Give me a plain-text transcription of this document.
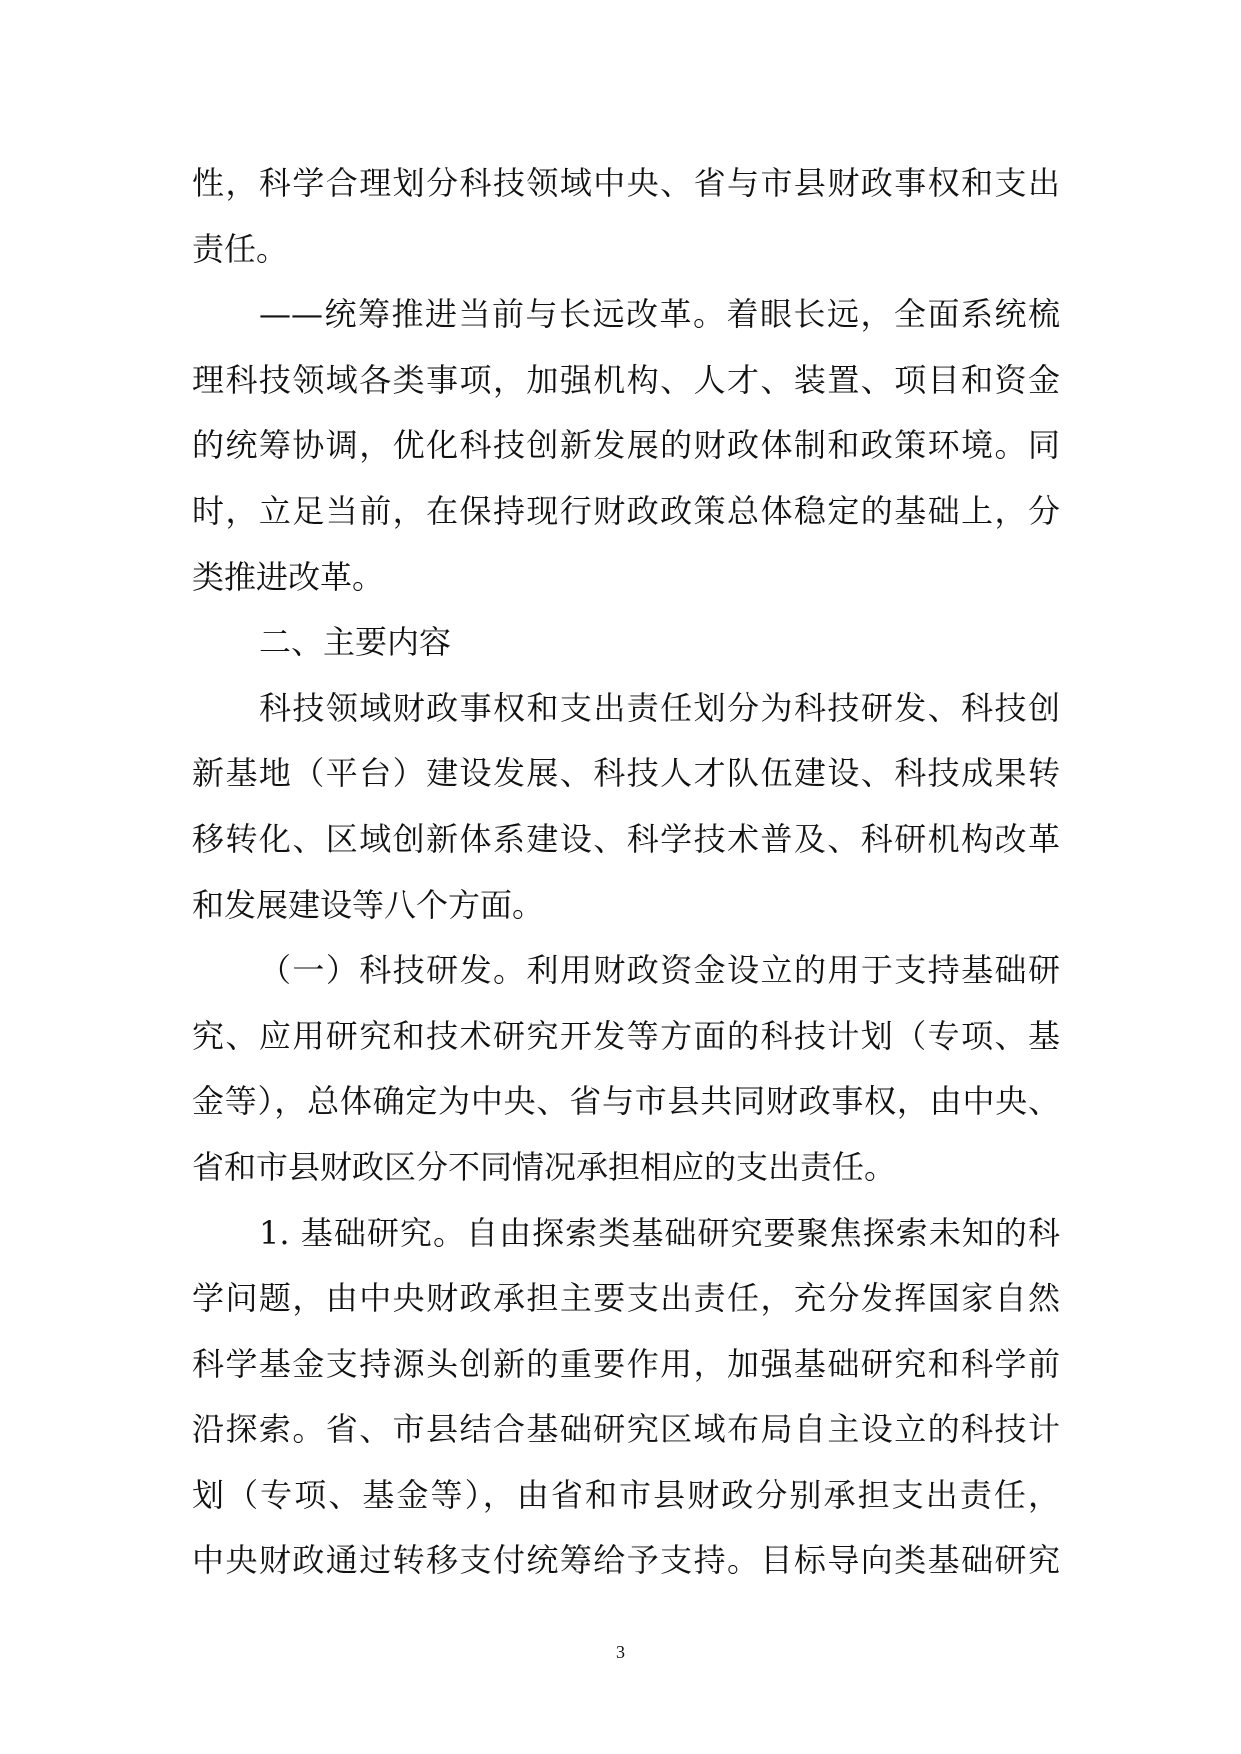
性，科学合理划分科技领域中央、省与市县财政事权和支出
责任。
——统筹推进当前与长远改革。着眼长远，全面系统梳
理科技领域各类事项，加强机构、人才、装置、项目和资金
的统筹协调，优化科技创新发展的财政体制和政策环境。同
时，立足当前，在保持现行财政政策总体稳定的基础上，分
类推进改革。
二、主要内容
科技领域财政事权和支出责任划分为科技研发、科技创
新基地（平台）建设发展、科技人才队伍建设、科技成果转
移转化、区域创新体系建设、科学技术普及、科研机构改革
和发展建设等八个方面。
（一）科技研发。利用财政资金设立的用于支持基础研
究、应用研究和技术研究开发等方面的科技计划（专项、基
金等），总体确定为中央、省与市县共同财政事权，由中央、
省和市县财政区分不同情况承担相应的支出责任。
1. 基础研究。自由探索类基础研究要聚焦探索未知的科
学问题，由中央财政承担主要支出责任，充分发挥国家自然
科学基金支持源头创新的重要作用，加强基础研究和科学前
沿探索。省、市县结合基础研究区域布局自主设立的科技计
划（专项、基金等），由省和市县财政分别承担支出责任，
中央财政通过转移支付统筹给予支持。目标导向类基础研究
3
